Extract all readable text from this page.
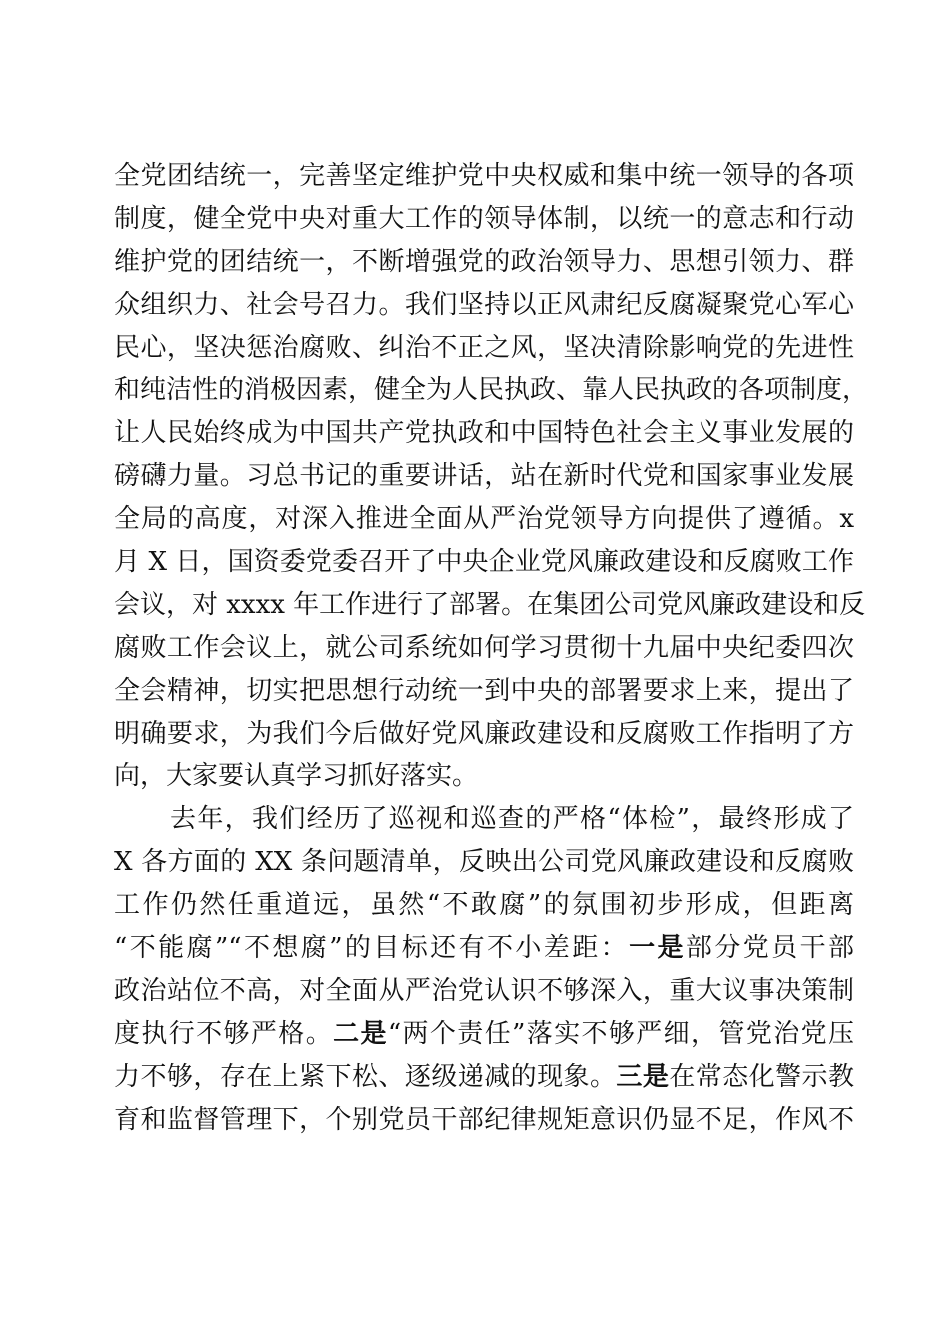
全党团结统一，完善坚定维护党中央权威和集中统一领导的各项
制度，健全党中央对重大工作的领导体制，以统一的意志和行动
维护党的团结统一，不断增强党的政治领导力、思想引领力、群
众组织力、社会号召力。我们坚持以正风肃纪反腐凝聚党心军心
民心，坚决惩治腐败、纠治不正之风，坚决清除影响党的先进性
和纯洁性的消极因素，健全为人民执政、靠人民执政的各项制度，
让人民始终成为中国共产党执政和中国特色社会主义事业发展的
磅礴力量。习总书记的重要讲话，站在新时代党和国家事业发展
全局的高度，对深入推进全面从严治党领导方向提供了遵循。x
月 X 日，国资委党委召开了中央企业党风廉政建设和反腐败工作
会议，对 xxxx 年工作进行了部署。在集团公司党风廉政建设和反
腐败工作会议上，就公司系统如何学习贯彻十九届中央纪委四次
全会精神，切实把思想行动统一到中央的部署要求上来，提出了
明确要求，为我们今后做好党风廉政建设和反腐败工作指明了方
向，大家要认真学习抓好落实。
去年，我们经历了巡视和巡查的严格“体检”，最终形成了
X 各方面的 XX 条问题清单，反映出公司党风廉政建设和反腐败
工作仍然任重道远，虽然“不敢腐”的氛围初步形成，但距离
“不能腐”“不想腐”的目标还有不小差距：一是部分党员干部
政治站位不高，对全面从严治党认识不够深入，重大议事决策制
度执行不够严格。二是“两个责任”落实不够严细，管党治党压
力不够，存在上紧下松、逐级递减的现象。三是在常态化警示教
育和监督管理下，个别党员干部纪律规矩意识仍显不足，作风不
